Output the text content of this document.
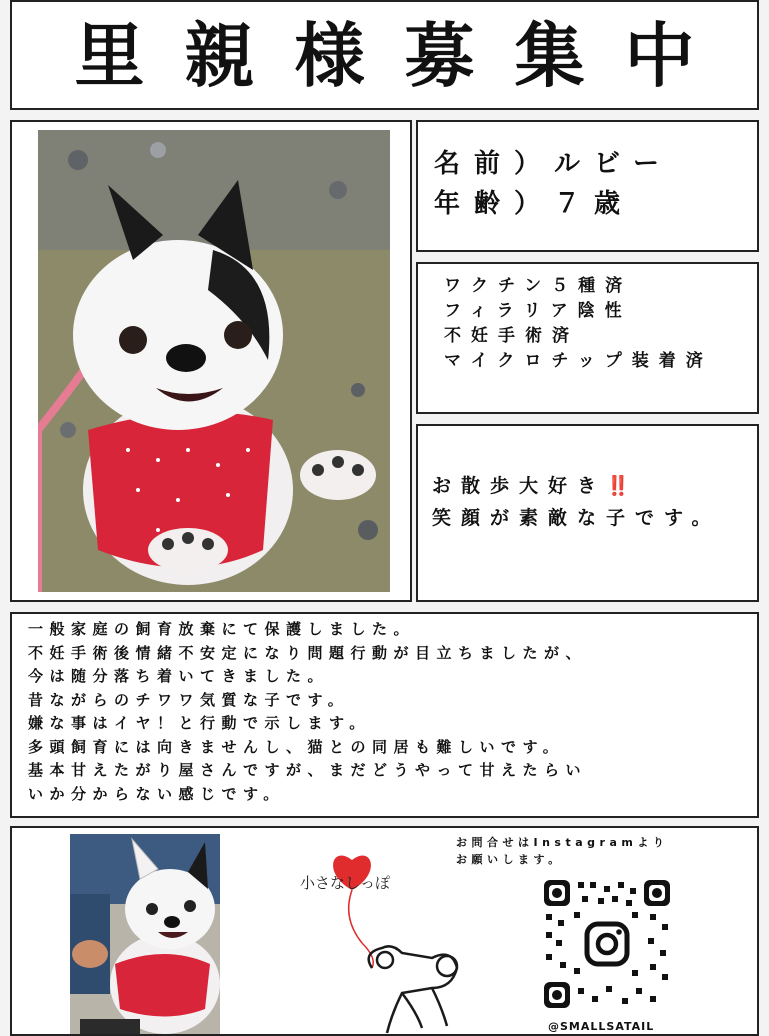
里親様募集中
名前）ルビー
年齢）７歳
ワクチン５種済
フィラリア陰性
不妊手術済
マイクロチップ装着済
お散歩大好き‼️
笑顔が素敵な子です。
一般家庭の飼育放棄にて保護しました。
不妊手術後情緒不安定になり問題行動が目立ちましたが、
今は随分落ち着いてきました。
昔ながらのチワワ気質な子です。
嫌な事はイヤ！と行動で示します。
多頭飼育には向きませんし、猫との同居も難しいです。
基本甘えたがり屋さんですが、まだどうやって甘えたらい
いか分からない感じです。
小さなしっぽ
お問合せはInstagramより
お願いします。
@SMALLSATAIL
